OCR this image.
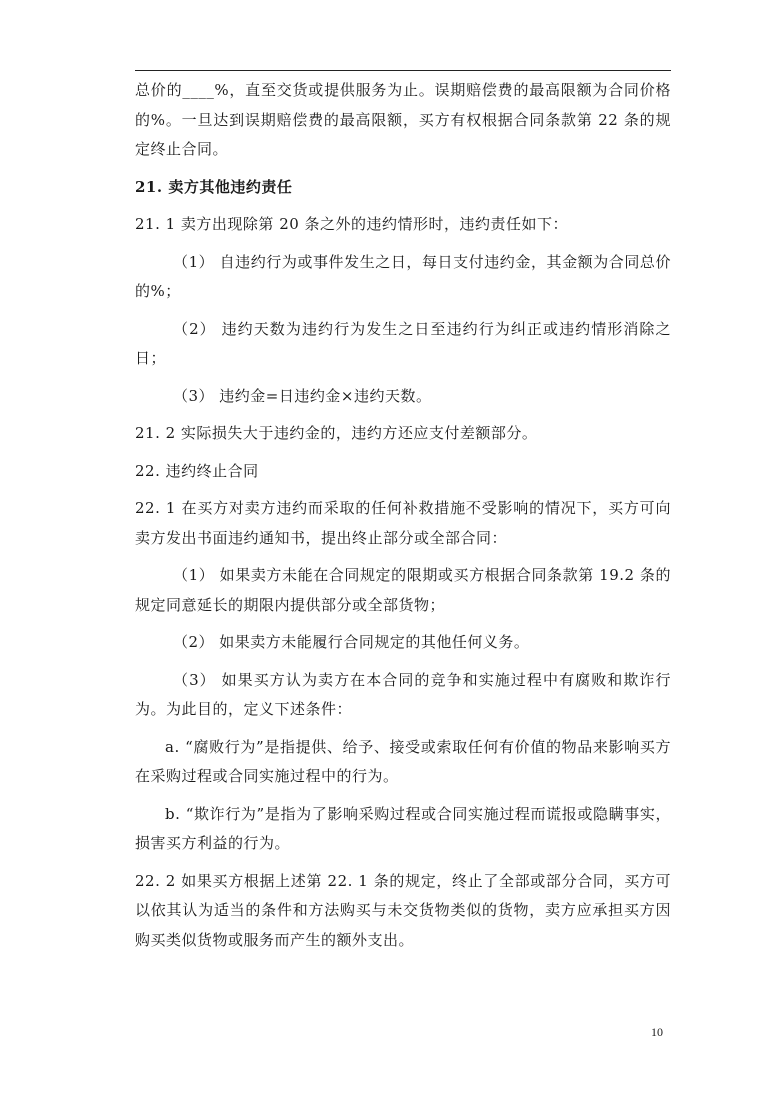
总价的____%，直至交货或提供服务为止。误期赔偿费的最高限额为合同价格的%。一旦达到误期赔偿费的最高限额，买方有权根据合同条款第 22 条的规定终止合同。

21. 卖方其他违约责任

21. 1 卖方出现除第 20 条之外的违约情形时，违约责任如下：

（1） 自违约行为或事件发生之日，每日支付违约金，其金额为合同总价的%；

（2） 违约天数为违约行为发生之日至违约行为纠正或违约情形消除之日；

（3） 违约金=日违约金×违约天数。

21. 2 实际损失大于违约金的，违约方还应支付差额部分。

22. 违约终止合同

22. 1 在买方对卖方违约而采取的任何补救措施不受影响的情况下，买方可向卖方发出书面违约通知书，提出终止部分或全部合同：

（1） 如果卖方未能在合同规定的限期或买方根据合同条款第 19.2 条的规定同意延长的期限内提供部分或全部货物；

（2） 如果卖方未能履行合同规定的其他任何义务。

（3） 如果买方认为卖方在本合同的竞争和实施过程中有腐败和欺诈行为。为此目的，定义下述条件：

a. “腐败行为”是指提供、给予、接受或索取任何有价值的物品来影响买方在采购过程或合同实施过程中的行为。

b. “欺诈行为”是指为了影响采购过程或合同实施过程而谎报或隐瞒事实，损害买方利益的行为。

22. 2 如果买方根据上述第 22. 1 条的规定，终止了全部或部分合同，买方可以依其认为适当的条件和方法购买与未交货物类似的货物，卖方应承担买方因购买类似货物或服务而产生的额外支出。

10
